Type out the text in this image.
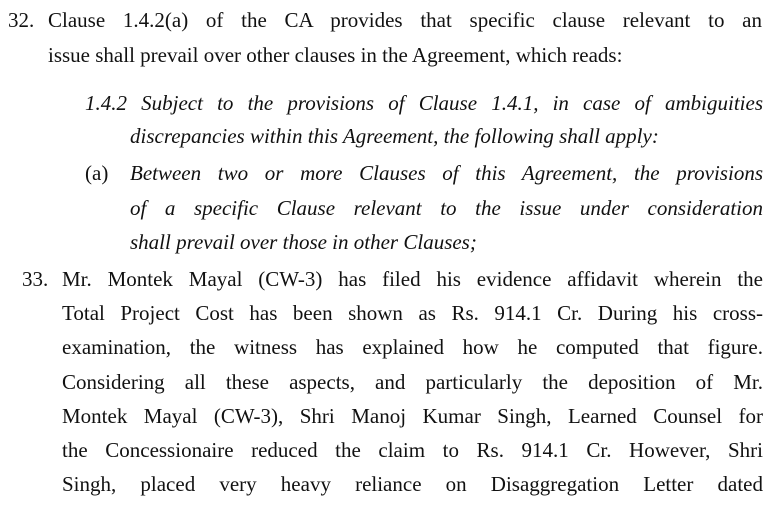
32. Clause 1.4.2(a) of the CA provides that specific clause relevant to an
issue shall prevail over other clauses in the Agreement, which reads:
1.4.2 Subject to the provisions of Clause 1.4.1, in case of ambiguities
discrepancies within this Agreement, the following shall apply:
(a) Between two or more Clauses of this Agreement, the provisions
of a specific Clause relevant to the issue under consideration
shall prevail over those in other Clauses;
33. Mr. Montek Mayal (CW-3) has filed his evidence affidavit wherein the
Total Project Cost has been shown as Rs. 914.1 Cr. During his cross-
examination, the witness has explained how he computed that figure.
Considering all these aspects, and particularly the deposition of Mr.
Montek Mayal (CW-3), Shri Manoj Kumar Singh, Learned Counsel for
the Concessionaire reduced the claim to Rs. 914.1 Cr. However, Shri
Singh, placed very heavy reliance on Disaggregation Letter dated
